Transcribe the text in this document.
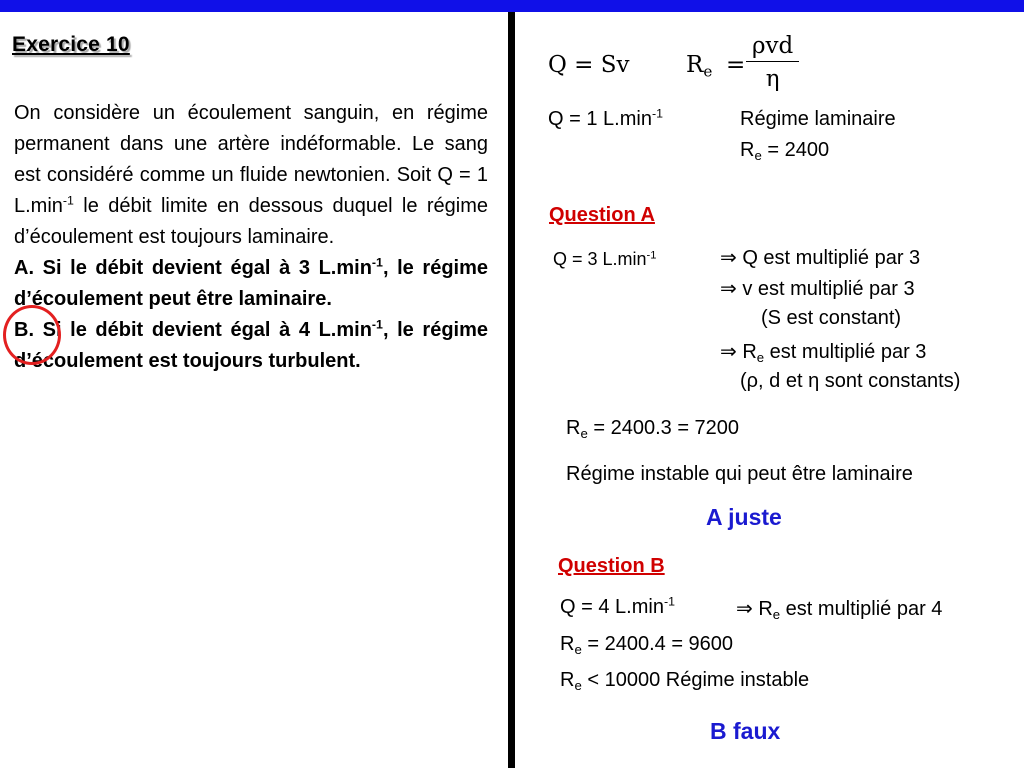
Exercice 10

On considère un écoulement sanguin, en régime permanent dans une artère indéformable. Le sang est considéré comme un fluide newtonien. Soit Q = 1 $L.\min^{-1}$ le débit limite en dessous duquel le régime d’écoulement est toujours laminaire.

A. Si le débit devient égal à 3 $L.\min^{-1}$, le régime d’écoulement peut être laminaire.

B. Si le débit devient égal à 4 $L.\min^{-1}$, le régime d’écoulement est toujours turbulent.

Q = Sv $R_e$ =
ρvd
η
Q = 1 $L.\min^{-1}$	Régime laminaire
$R_e = 2400$
Question A
Q = 3 $L.\min^{-1}$	⇒ Q est multiplié par 3
⇒ v est multiplié par 3
(S est constant)
⇒ $R_e$ est multiplié par 3
(ρ, d et η sont constants)
$R_e = 2400.3 = 7200$
Régime instable qui peut être laminaire
A juste
Question B
Q = 4 $L.\min^{-1}$	⇒ $R_e$ est multiplié par 4
$R_e = 2400.4 = 9600$
$R_e < 10000$ Régime instable
B faux
